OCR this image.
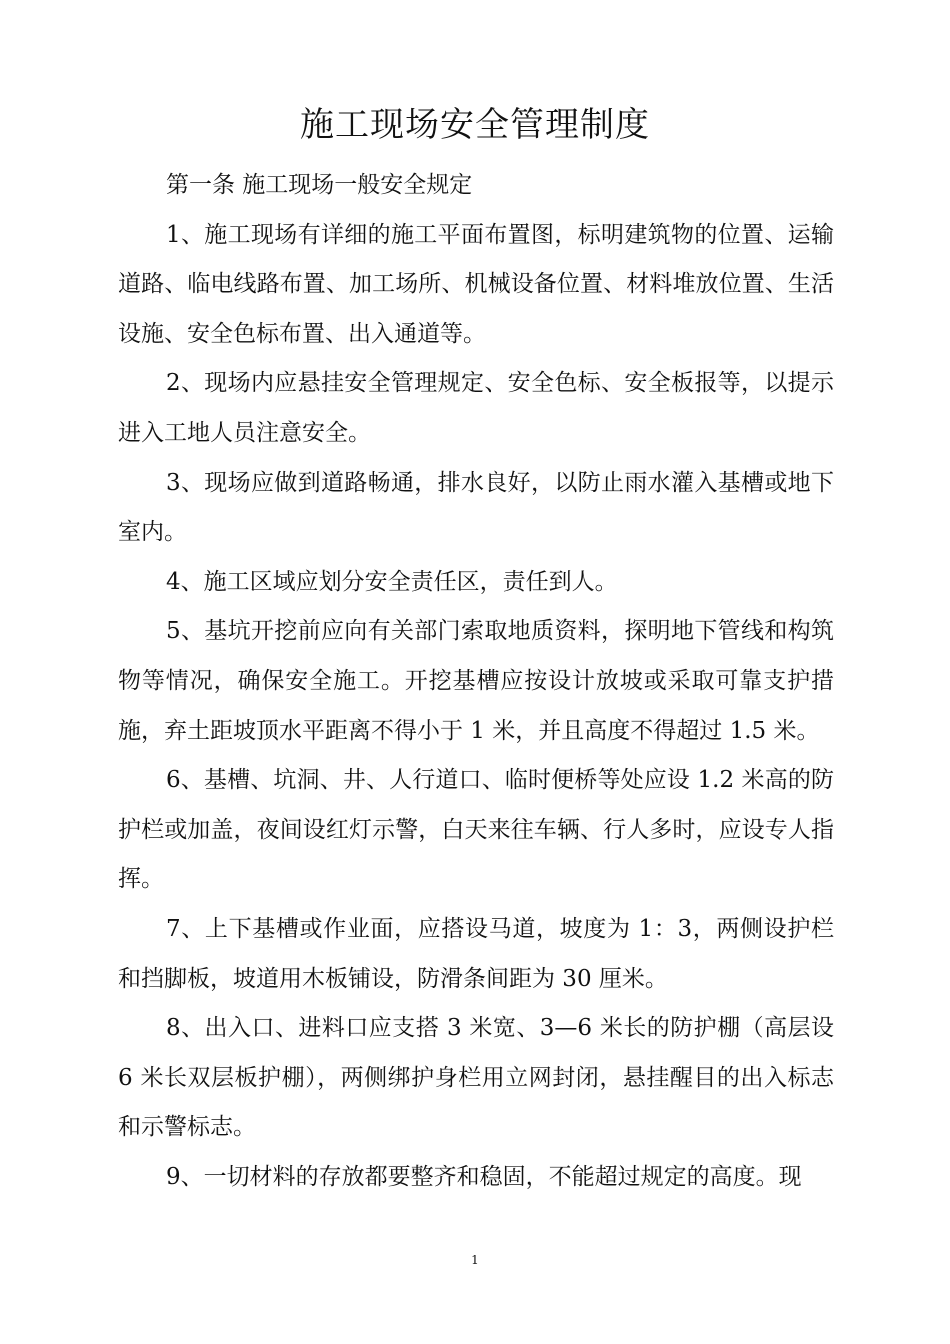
施工现场安全管理制度

第一条 施工现场一般安全规定

1、施工现场有详细的施工平面布置图，标明建筑物的位置、运输道路、临电线路布置、加工场所、机械设备位置、材料堆放位置、生活设施、安全色标布置、出入通道等。

2、现场内应悬挂安全管理规定、安全色标、安全板报等，以提示进入工地人员注意安全。

3、现场应做到道路畅通，排水良好，以防止雨水灌入基槽或地下室内。

4、施工区域应划分安全责任区，责任到人。

5、基坑开挖前应向有关部门索取地质资料，探明地下管线和构筑物等情况，确保安全施工。开挖基槽应按设计放坡或采取可靠支护措施，弃土距坡顶水平距离不得小于 1 米，并且高度不得超过 1.5 米。

6、基槽、坑洞、井、人行道口、临时便桥等处应设 1.2 米高的防护栏或加盖，夜间设红灯示警，白天来往车辆、行人多时，应设专人指挥。

7、上下基槽或作业面，应搭设马道，坡度为 1：3，两侧设护栏和挡脚板，坡道用木板铺设，防滑条间距为 30 厘米。

8、出入口、进料口应支搭 3 米宽、3—6 米长的防护棚（高层设 6 米长双层板护棚），两侧绑护身栏用立网封闭，悬挂醒目的出入标志和示警标志。

9、一切材料的存放都要整齐和稳固，不能超过规定的高度。现

1
